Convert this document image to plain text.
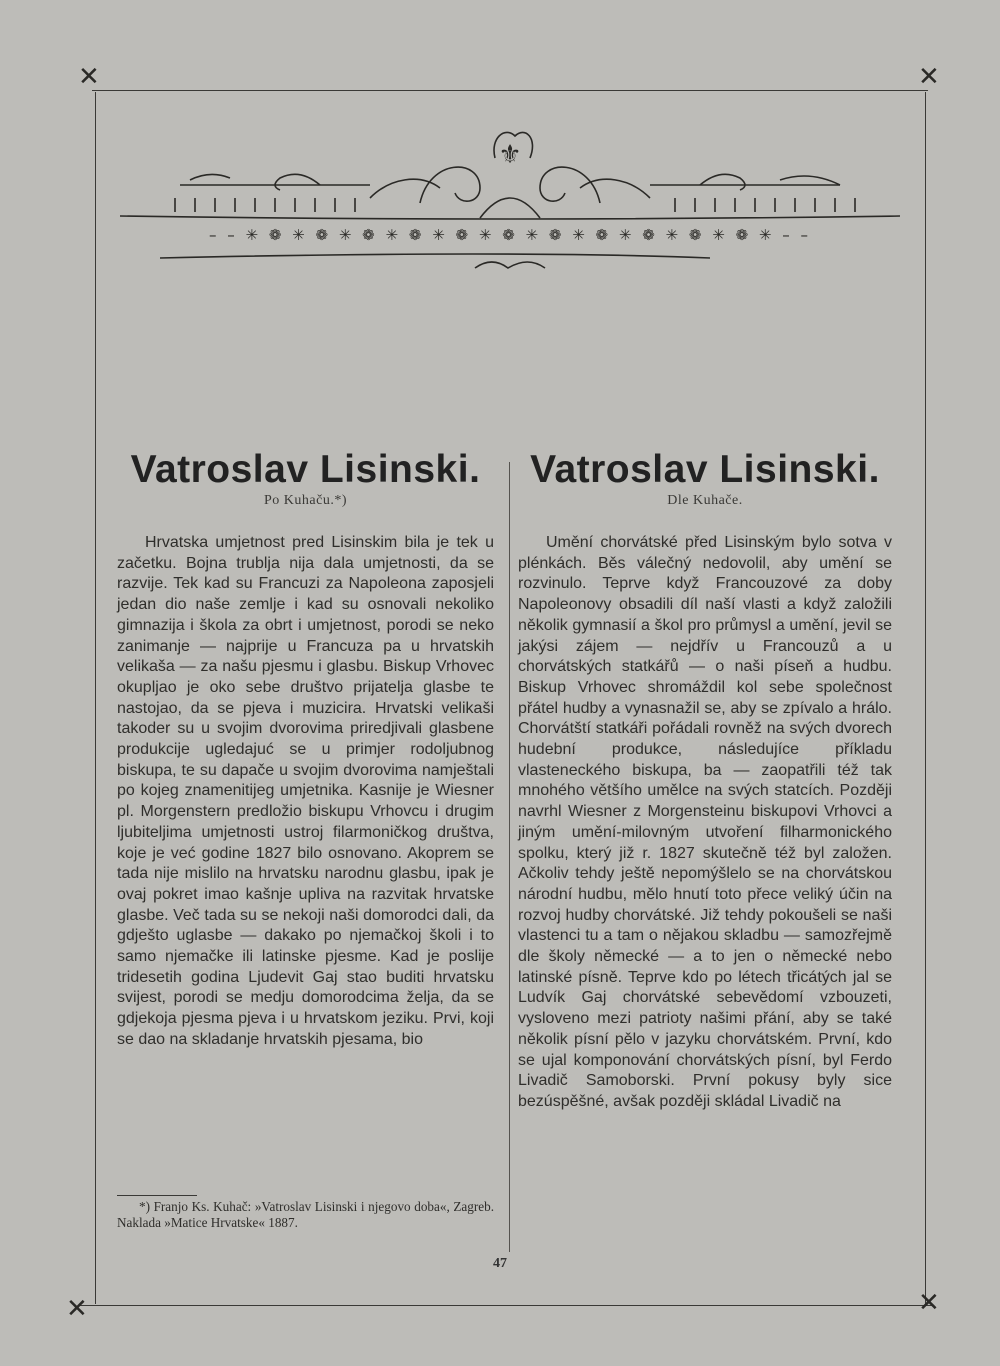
✕	✕
✕	✕
– – ✳ ❁ ✳ ❁ ✳ ❁ ✳ ❁ ✳ ❁ ✳ ❁ ✳ ❁ ✳ ❁ ✳ ❁ ✳ ❁ ✳ ❁ ✳ – –
⚜
Vatroslav Lisinski.
Po Kuhaču.*)
Vatroslav Lisinski.
Dle Kuhače.

Hrvatska umjetnost pred Lisinskim bila je tek u začetku. Bojna trublja nija dala umjetnosti, da se razvije. Tek kad su Francuzi za Napoleona zaposjeli jedan dio naše zemlje i kad su osnovali nekoliko gimnazija i škola za obrt i umjetnost, porodi se neko zanimanje — najprije u Francuza pa u hrvatskih velikaša — za našu pjesmu i glasbu. Biskup Vrhovec okupljao je oko sebe društvo prijatelja glasbe te nastojao, da se pjeva i muzicira. Hrvatski velikaši takoder su u svojim dvorovima priredjivali glasbene produkcije ugledajuć se u primjer rodoljubnog biskupa, te su dapače u svojim dvorovima namještali po kojeg znamenitijeg umjetnika. Kasnije je Wiesner pl. Morgenstern predložio biskupu Vrhovcu i drugim ljubiteljima umjetnosti ustroj filarmoničkog društva, koje je već godine 1827 bilo osnovano. Akoprem se tada nije mislilo na hrvatsku narodnu glasbu, ipak je ovaj pokret imao kašnje upliva na razvitak hrvatske glasbe. Več tada su se nekoji naši domorodci dali, da gdješto uglasbe — dakako po njemačkoj školi i to samo njemačke ili latinske pjesme. Kad je poslije tridesetih godina Ljudevit Gaj stao buditi hrvatsku svijest, porodi se medju domorodcima želja, da se gdjekoja pjesma pjeva i u hrvatskom jeziku. Prvi, koji se dao na skladanje hrvatskih pjesama, bio

Umění chorvátské před Lisinským bylo sotva v plénkách. Běs válečný nedovolil, aby umění se rozvinulo. Teprve když Francouzové za doby Napoleonovy obsadili díl naší vlasti a když založili několik gymnasií a škol pro průmysl a umění, jevil se jakýsi zájem — nejdřív u Francouzů a u chorvátských statkářů — o naši píseň a hudbu. Biskup Vrhovec shromáždil kol sebe společnost přátel hudby a vynasnažil se, aby se zpívalo a hrálo. Chorvátští statkáři pořádali rovněž na svých dvorech hudební produkce, následujíce příkladu vlasteneckého biskupa, ba — zaopatřili též tak mnohého většího umělce na svých statcích. Později navrhl Wiesner z Morgensteinu biskupovi Vrhovci a jiným umění-milovným utvoření filharmonického spolku, který již r. 1827 skutečně též byl založen. Ačkoliv tehdy ještě nepomýšlelo se na chorvátskou národní hudbu, mělo hnutí toto přece veliký účin na rozvoj hudby chorvátské. Již tehdy pokoušeli se naši vlastenci tu a tam o nějakou skladbu — samozřejmě dle školy německé — a to jen o německé nebo latinské písně. Teprve kdo po létech třicátých jal se Ludvík Gaj chorvátské sebevědomí vzbouzeti, vysloveno mezi patrioty našimi přání, aby se také několik písní pělo v jazyku chorvátském. První, kdo se ujal komponování chorvátských písní, byl Ferdo Livadič Samoborski. První pokusy byly sice bezúspěšné, avšak později skládal Livadič na

*) Franjo Ks. Kuhač: »Vatroslav Lisinski i njegovo doba«, Zagreb. Naklada »Matice Hrvatske« 1887.
47
